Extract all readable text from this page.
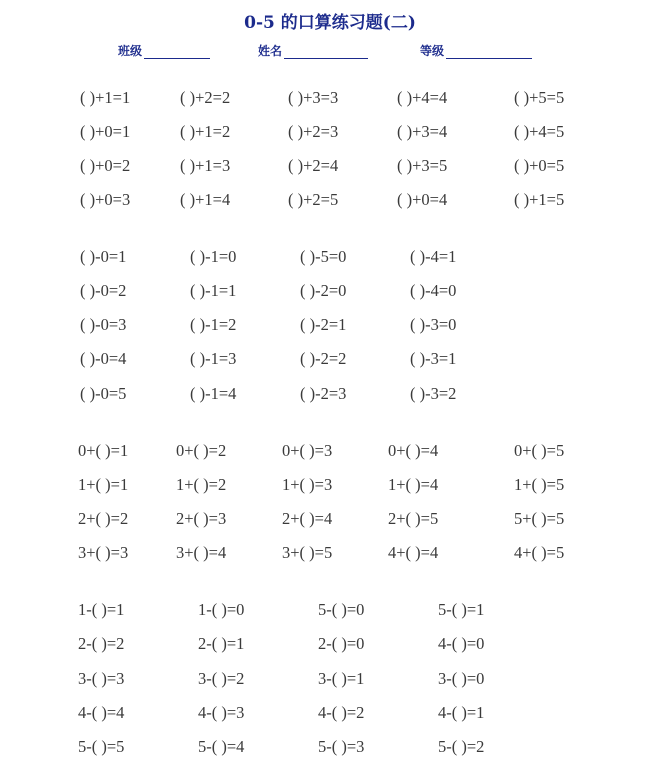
0-5 的口算练习题(二)
班级	姓名	等级
( )+1=1	( )+2=2	( )+3=3	( )+4=4	( )+5=5
( )+0=1	( )+1=2	( )+2=3	( )+3=4	( )+4=5
( )+0=2	( )+1=3	( )+2=4	( )+3=5	( )+0=5
( )+0=3	( )+1=4	( )+2=5	( )+0=4	( )+1=5
( )-0=1	( )-1=0	( )-5=0	( )-4=1
( )-0=2	( )-1=1	( )-2=0	( )-4=0
( )-0=3	( )-1=2	( )-2=1	( )-3=0
( )-0=4	( )-1=3	( )-2=2	( )-3=1
( )-0=5	( )-1=4	( )-2=3	( )-3=2
0+( )=1	0+( )=2	0+( )=3	0+( )=4	0+( )=5
1+( )=1	1+( )=2	1+( )=3	1+( )=4	1+( )=5
2+( )=2	2+( )=3	2+( )=4	2+( )=5	5+( )=5
3+( )=3	3+( )=4	3+( )=5	4+( )=4	4+( )=5
1-( )=1	1-( )=0	5-( )=0	5-( )=1
2-( )=2	2-( )=1	2-( )=0	4-( )=0
3-( )=3	3-( )=2	3-( )=1	3-( )=0
4-( )=4	4-( )=3	4-( )=2	4-( )=1
5-( )=5	5-( )=4	5-( )=3	5-( )=2
